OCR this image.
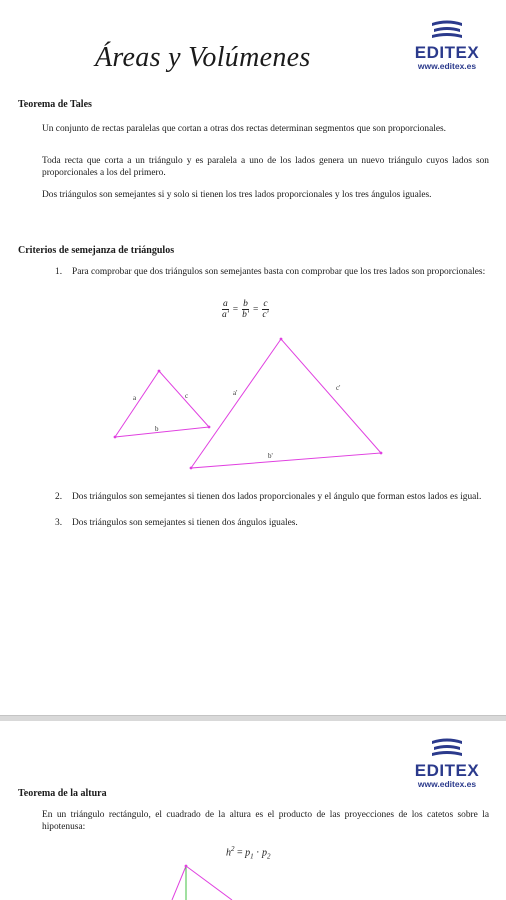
Áreas y Volúmenes	EDITEX
www.editex.es
Teorema de Tales
Un conjunto de rectas paralelas que cortan a otras dos rectas determinan segmentos que son proporcionales.
Toda recta que corta a un triángulo y es paralela a uno de los lados genera un nuevo triángulo cuyos lados son proporcionales a los del primero.
Dos triángulos son semejantes si y solo si tienen los tres lados proporcionales y los tres ángulos iguales.
Criterios de semejanza de triángulos
1. Para comprobar que dos triángulos son semejantes basta con comprobar que los tres lados son proporcionales:
$\frac{a}{a'} = \frac{b}{b'} = \frac{c}{c'}$
a	c
b
a'
c'
b'
2. Dos triángulos son semejantes si tienen dos lados proporcionales y el ángulo que forman estos lados es igual.
3. Dos triángulos son semejantes si tienen dos ángulos iguales.
EDITEX
www.editex.es
Teorema de la altura
En un triángulo rectángulo, el cuadrado de la altura es el producto de las proyecciones de los catetos sobre la hipotenusa:
$h^2 = p_1 \cdot p_2$
